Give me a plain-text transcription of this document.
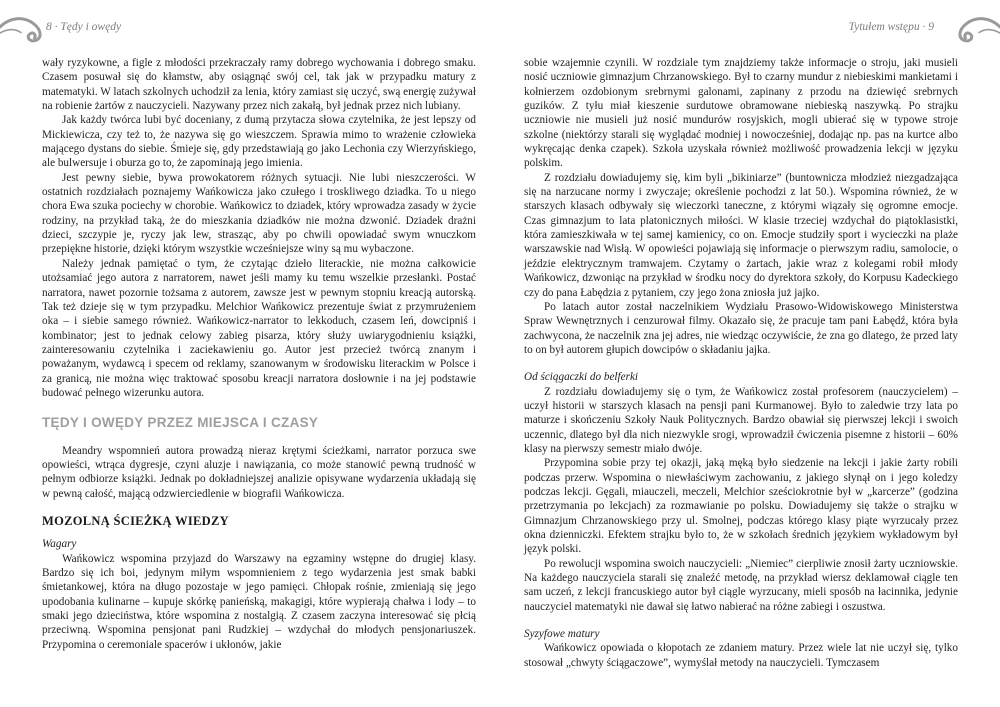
8 · Tędy i owędy	Tytułem wstępu · 9

wały ryzykowne, a figle z młodości przekraczały ramy dobrego wychowania i dobrego smaku. Czasem posuwał się do kłamstw, aby osiągnąć swój cel, tak jak w przypadku matury z matematyki. W latach szkolnych uchodził za lenia, który zamiast się uczyć, swą energię zużywał na robienie żartów z nauczycieli. Nazywany przez nich zakałą, był jednak przez nich lubiany.

Jak każdy twórca lubi być doceniany, z dumą przytacza słowa czytelnika, że jest lepszy od Mickiewicza, czy też to, że nazywa się go wieszczem. Sprawia mimo to wrażenie człowieka mającego dystans do siebie. Śmieje się, gdy przedstawiają go jako Lechonia czy Wierzyńskiego, ale bulwersuje i oburza go to, że zapominają jego imienia.

Jest pewny siebie, bywa prowokatorem różnych sytuacji. Nie lubi nieszczerości. W ostatnich rozdziałach poznajemy Wańkowicza jako czułego i troskliwego dziadka. To u niego chora Ewa szuka pociechy w chorobie. Wańkowicz to dziadek, który wprowadza zasady w życie rodziny, na przykład taką, że do mieszkania dziadków nie można dzwonić. Dziadek drażni dzieci, szczypie je, ryczy jak lew, strasząc, aby po chwili opowiadać swym wnuczkom przepiękne historie, dzięki którym wszystkie wcześniejsze winy są mu wybaczone.

Należy jednak pamiętać o tym, że czytając dzieło literackie, nie można całkowicie utożsamiać jego autora z narratorem, nawet jeśli mamy ku temu wszelkie przesłanki. Postać narratora, nawet pozornie tożsama z autorem, zawsze jest w pewnym stopniu kreacją autorską. Tak też dzieje się w tym przypadku. Melchior Wańkowicz prezentuje świat z przymrużeniem oka – i siebie samego również. Wańkowicz-narrator to lekkoduch, czasem leń, dowcipniś i kombinator; jest to jednak celowy zabieg pisarza, który służy uwiarygodnieniu książki, zainteresowaniu czytelnika i zaciekawieniu go. Autor jest przecież twórcą znanym i poważanym, wydawcą i specem od reklamy, szanowanym w środowisku literackim w Polsce i za granicą, nie można więc traktować sposobu kreacji narratora dosłownie i na jej podstawie budować pełnego wizerunku autora.

TĘDY I OWĘDY PRZEZ MIEJSCA I CZASY

Meandry wspomnień autora prowadzą nieraz krętymi ścieżkami, narrator porzuca swe opowieści, wtrąca dygresje, czyni aluzje i nawiązania, co może stanowić pewną trudność w pełnym odbiorze książki. Jednak po dokładniejszej analizie opisywane wydarzenia układają się w pewną całość, mającą odzwierciedlenie w biografii Wańkowicza.

MOZOLNĄ ŚCIEŻKĄ WIEDZY

Wagary

Wańkowicz wspomina przyjazd do Warszawy na egzaminy wstępne do drugiej klasy. Bardzo się ich boi, jedynym miłym wspomnieniem z tego wydarzenia jest smak babki śmietankowej, która na długo pozostaje w jego pamięci. Chłopak rośnie, zmieniają się jego upodobania kulinarne – kupuje skórkę panieńską, makagigi, które wypierają chałwa i lody – to smaki jego dzieciństwa, które wspomina z nostalgią. Z czasem zaczyna interesować się płcią przeciwną. Wspomina pensjonat pani Rudzkiej – wzdychał do młodych pensjonariuszek. Przypomina o ceremoniale spacerów i ukłonów, jakie

sobie wzajemnie czynili. W rozdziale tym znajdziemy także informacje o stroju, jaki musieli nosić uczniowie gimnazjum Chrzanowskiego. Był to czarny mundur z niebieskimi mankietami i kołnierzem ozdobionym srebrnymi galonami, zapinany z przodu na dziewięć srebrnych guzików. Z tyłu miał kieszenie surdutowe obramowane niebieską naszywką. Po strajku uczniowie nie musieli już nosić mundurów rosyjskich, mogli ubierać się w typowe stroje szkolne (niektórzy starali się wyglądać modniej i nowocześniej, dodając np. pas na kurtce albo wykręcając denka czapek). Szkoła uzyskała również możliwość prowadzenia lekcji w języku polskim.

Z rozdziału dowiadujemy się, kim byli „bikiniarze” (buntownicza młodzież niezgadzająca się na narzucane normy i zwyczaje; określenie pochodzi z lat 50.). Wspomina również, że w starszych klasach odbywały się wieczorki taneczne, z którymi wiązały się ogromne emocje. Czas gimnazjum to lata platonicznych miłości. W klasie trzeciej wzdychał do piątoklasistki, która zamieszkiwała w tej samej kamienicy, co on. Emocje studziły sport i wycieczki na plaże warszawskie nad Wisłą. W opowieści pojawiają się informacje o pierwszym radiu, samolocie, o jeździe elektrycznym tramwajem. Czytamy o żartach, jakie wraz z kolegami robił młody Wańkowicz, dzwoniąc na przykład w środku nocy do dyrektora szkoły, do Korpusu Kadeckiego czy do pana Łabędzia z pytaniem, czy jego żona zniosła już jajko.

Po latach autor został naczelnikiem Wydziału Prasowo-Widowiskowego Ministerstwa Spraw Wewnętrznych i cenzurował filmy. Okazało się, że pracuje tam pani Łabędź, która była zachwycona, że naczelnik zna jej adres, nie wiedząc oczywiście, że zna go dlatego, że przed laty to on był autorem głupich dowcipów o składaniu jajka.

Od ściągaczki do belferki

Z rozdziału dowiadujemy się o tym, że Wańkowicz został profesorem (nauczycielem) – uczył historii w starszych klasach na pensji pani Kurmanowej. Było to zaledwie trzy lata po maturze i skończeniu Szkoły Nauk Politycznych. Bardzo obawiał się pierwszej lekcji i swoich uczennic, dlatego był dla nich niezwykle srogi, wprowadził ćwiczenia pisemne z historii – 60% klasy na pierwszy semestr miało dwóje.

Przypomina sobie przy tej okazji, jaką męką było siedzenie na lekcji i jakie żarty robili podczas przerw. Wspomina o niewłaściwym zachowaniu, z jakiego słynął on i jego koledzy podczas lekcji. Gęgali, miauczeli, meczeli, Melchior sześciokrotnie był w „karcerze” (godzina przetrzymania po lekcjach) za rozmawianie po polsku. Dowiadujemy się także o strajku w Gimnazjum Chrzanowskiego przy ul. Smolnej, podczas którego klasy piąte wyrzucały przez okna dzienniczki. Efektem strajku było to, że w szkołach średnich językiem wykładowym był język polski.

Po rewolucji wspomina swoich nauczycieli: „Niemiec” cierpliwie znosił żarty uczniowskie. Na każdego nauczyciela starali się znaleźć metodę, na przykład wiersz deklamował ciągle ten sam uczeń, z lekcji francuskiego autor był ciągle wyrzucany, mieli sposób na łacinnika, jedynie nauczyciel matematyki nie dawał się łatwo nabierać na różne zabiegi i oszustwa.

Syzyfowe matury

Wańkowicz opowiada o kłopotach ze zdaniem matury. Przez wiele lat nie uczył się, tylko stosował „chwyty ściągaczowe”, wymyślał metody na nauczycieli. Tymczasem
